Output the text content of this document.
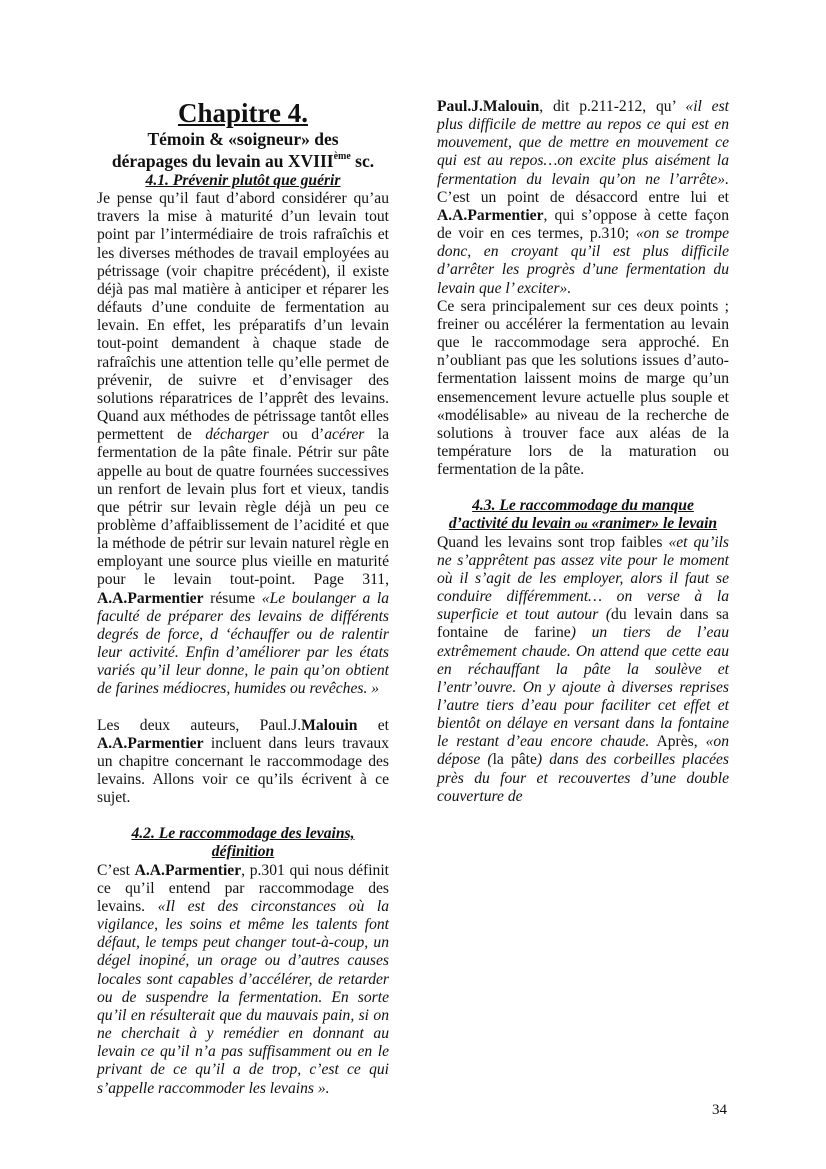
Chapitre 4.

Témoin & «soigneur» des
dérapages du levain au XVIIIème sc.

4.1. Prévenir plutôt que guérir

Je pense qu’il faut d’abord considérer qu’au travers la mise à maturité d’un levain tout point par l’intermédiaire de trois rafraîchis et les diverses méthodes de travail employées au pétrissage (voir chapitre précédent), il existe déjà pas mal matière à anticiper et réparer les défauts d’une conduite de fermentation au levain. En effet, les préparatifs d’un levain tout-point demandent à chaque stade de rafraîchis une attention telle qu’elle permet de prévenir, de suivre et d’envisager des solutions réparatrices de l’apprêt des levains. Quand aux méthodes de pétrissage tantôt elles permettent de décharger ou d’acérer la fermentation de la pâte finale. Pétrir sur pâte appelle au bout de quatre fournées successives un renfort de levain plus fort et vieux, tandis que pétrir sur levain règle déjà un peu ce problème d’affaiblissement de l’acidité et que la méthode de pétrir sur levain naturel règle en employant une source plus vieille en maturité pour le levain tout-point. Page 311, A.A.Parmentier résume «Le boulanger a la faculté de préparer des levains de différents degrés de force, d ‘échauffer ou de ralentir leur activité. Enfin d’améliorer par les états variés qu’il leur donne, le pain qu’on obtient de farines médiocres, humides ou revêches. »

Les deux auteurs, Paul.J.Malouin et A.A.Parmentier incluent dans leurs travaux un chapitre concernant le raccommodage des levains. Allons voir ce qu’ils écrivent à ce sujet.

4.2. Le raccommodage des levains,
définition

C’est A.A.Parmentier, p.301 qui nous définit ce qu’il entend par raccommodage des levains. «Il est des circonstances où la vigilance, les soins et même les talents font défaut, le temps peut changer tout-à-coup, un dégel inopiné, un orage ou d’autres causes locales sont capables d’accélérer, de retarder ou de suspendre la fermentation. En sorte qu’il en résulterait que du mauvais pain, si on ne cherchait à y remédier en donnant au levain ce qu’il n’a pas suffisamment ou en le privant de ce qu’il a de trop, c’est ce qui s’appelle raccommoder les levains ».

Paul.J.Malouin, dit p.211-212, qu’ «il est plus difficile de mettre au repos ce qui est en mouvement, que de mettre en mouvement ce qui est au repos…on excite plus aisément la fermentation du levain qu’on ne l’arrête». C’est un point de désaccord entre lui et A.A.Parmentier, qui s’oppose à cette façon de voir en ces termes, p.310; «on se trompe donc, en croyant qu’il est plus difficile d’arrêter les progrès d’une fermentation du levain que l’ exciter».

Ce sera principalement sur ces deux points ; freiner ou accélérer la fermentation au levain que le raccommodage sera approché. En n’oubliant pas que les solutions issues d’auto-fermentation laissent moins de marge qu’un ensemencement levure actuelle plus souple et «modélisable» au niveau de la recherche de solutions à trouver face aux aléas de la température lors de la maturation ou fermentation de la pâte.

4.3. Le raccommodage du manque
d’activité du levain ou «ranimer» le levain

Quand les levains sont trop faibles «et qu’ils ne s’apprêtent pas assez vite pour le moment où il s’agit de les employer, alors il faut se conduire différemment… on verse à la superficie et tout autour (du levain dans sa fontaine de farine) un tiers de l’eau extrêmement chaude. On attend que cette eau en réchauffant la pâte la soulève et l’entr’ouvre. On y ajoute à diverses reprises l’autre tiers d’eau pour faciliter cet effet et bientôt on délaye en versant dans la fontaine le restant d’eau encore chaude. Après, «on dépose (la pâte) dans des corbeilles placées près du four et recouvertes d’une double couverture de

34
